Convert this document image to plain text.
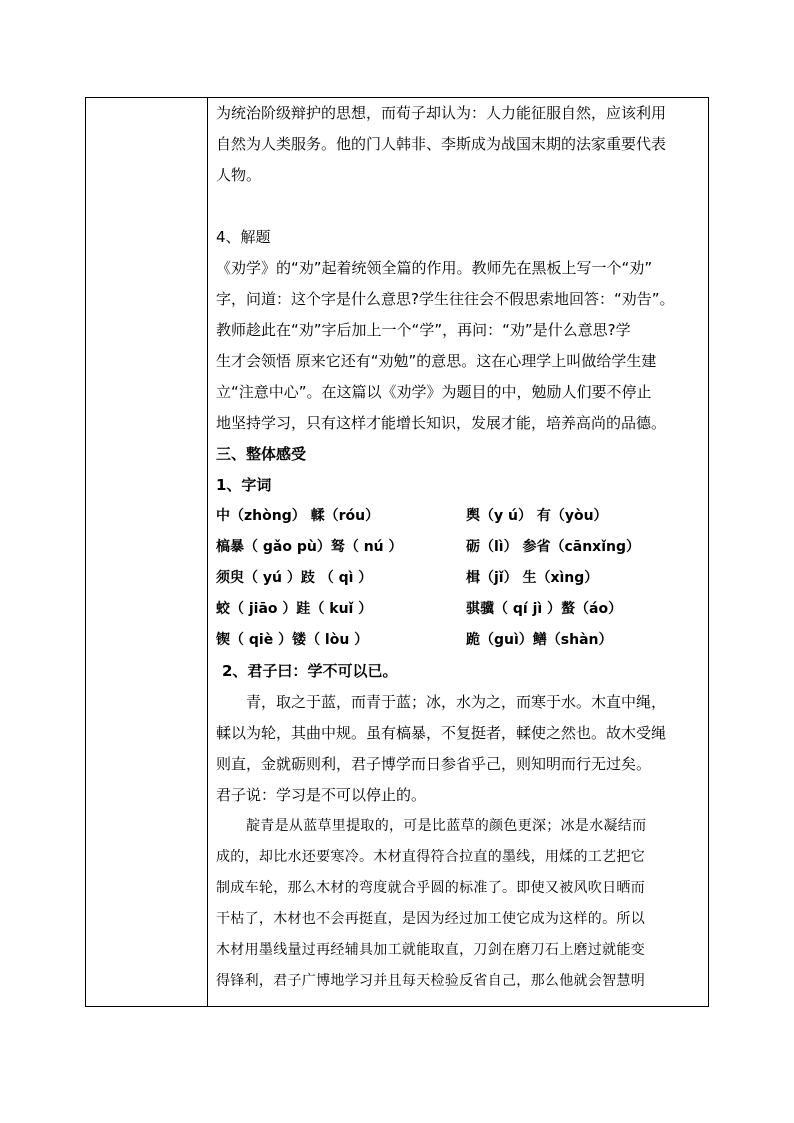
为统治阶级辩护的思想，而荀子却认为：人力能征服自然，应该利用
自然为人类服务。他的门人韩非、李斯成为战国末期的法家重要代表
人物。
4、解题
《劝学》的“劝”起着统领全篇的作用。教师先在黑板上写一个“劝”
字，问道：这个字是什么意思?学生往往会不假思索地回答：“劝告”。
教师趁此在“劝”字后加上一个“学”，再问：“劝”是什么意思?学
生才会领悟 原来它还有“劝勉”的意思。这在心理学上叫做给学生建
立“注意中心”。在这篇以《劝学》为题目的中，勉励人们要不停止
地坚持学习，只有这样才能增长知识，发展才能，培养高尚的品德。
三、整体感受
1、字词
中（zhòng） 輮（róu）	舆（y ú） 有（yòu）
槁暴（ gǎo pù）驽（ nú ）	砺（lì） 参省（cānxǐng）
须臾（ yú ）跂 （ qì ）	楫（jǐ） 生（xìng）
蛟（ jiāo ）跬（ kuǐ ）	骐骥（ qí jì ）螯（áo）
锲（ qiè ）镂（ lòu ）	跪（guì）鳝（shàn）
2、君子曰：学不可以已。
青，取之于蓝，而青于蓝；冰，水为之，而寒于水。木直中绳，
輮以为轮，其曲中规。虽有槁暴，不复挺者，輮使之然也。故木受绳
则直，金就砺则利，君子博学而日参省乎己，则知明而行无过矣。
君子说：学习是不可以停止的。
靛青是从蓝草里提取的，可是比蓝草的颜色更深；冰是水凝结而
成的，却比水还要寒冷。木材直得符合拉直的墨线，用煣的工艺把它
制成车轮，那么木材的弯度就合乎圆的标准了。即使又被风吹日晒而
干枯了，木材也不会再挺直，是因为经过加工使它成为这样的。所以
木材用墨线量过再经辅具加工就能取直，刀剑在磨刀石上磨过就能变
得锋利，君子广博地学习并且每天检验反省自己，那么他就会智慧明
